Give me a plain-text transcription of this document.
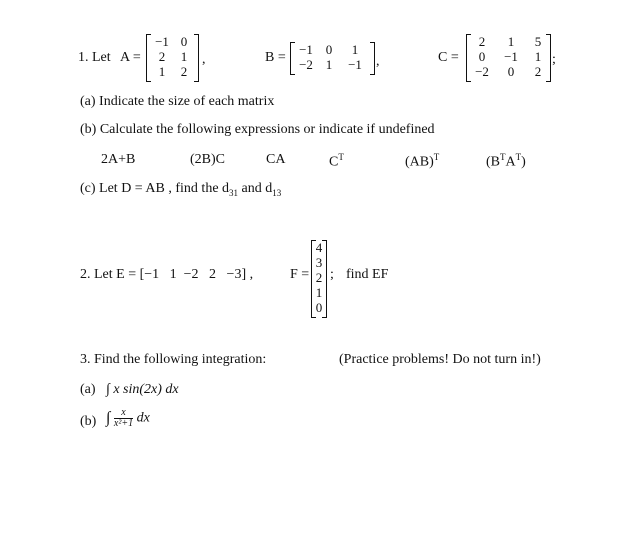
1. Let A =
−1 0
2	1
1	2
,	B =
−1 0	1
−2 1	−1	,	C =
2	1	5
0	−1	1
−2	0	2
;
(a) Indicate the size of each matrix
(b) Calculate the following expressions or indicate if undefined
2A+B	(2B)C	CA	$C^T$	(AB)$^T$	$(B^TA^T)$
(c) Let D = AB , find the $d_{31}$ and $d_{13}$
2. Let E = [−1   1  −2   2   −3] ,	F =
4
3
2
1
0
; find EF
3. Find the following integration:	(Practice problems! Do not turn in!)
(a) ∫ x sin(2x) dx
(b) ∫ $\frac{x}{\text{x²+1}}$ dx
